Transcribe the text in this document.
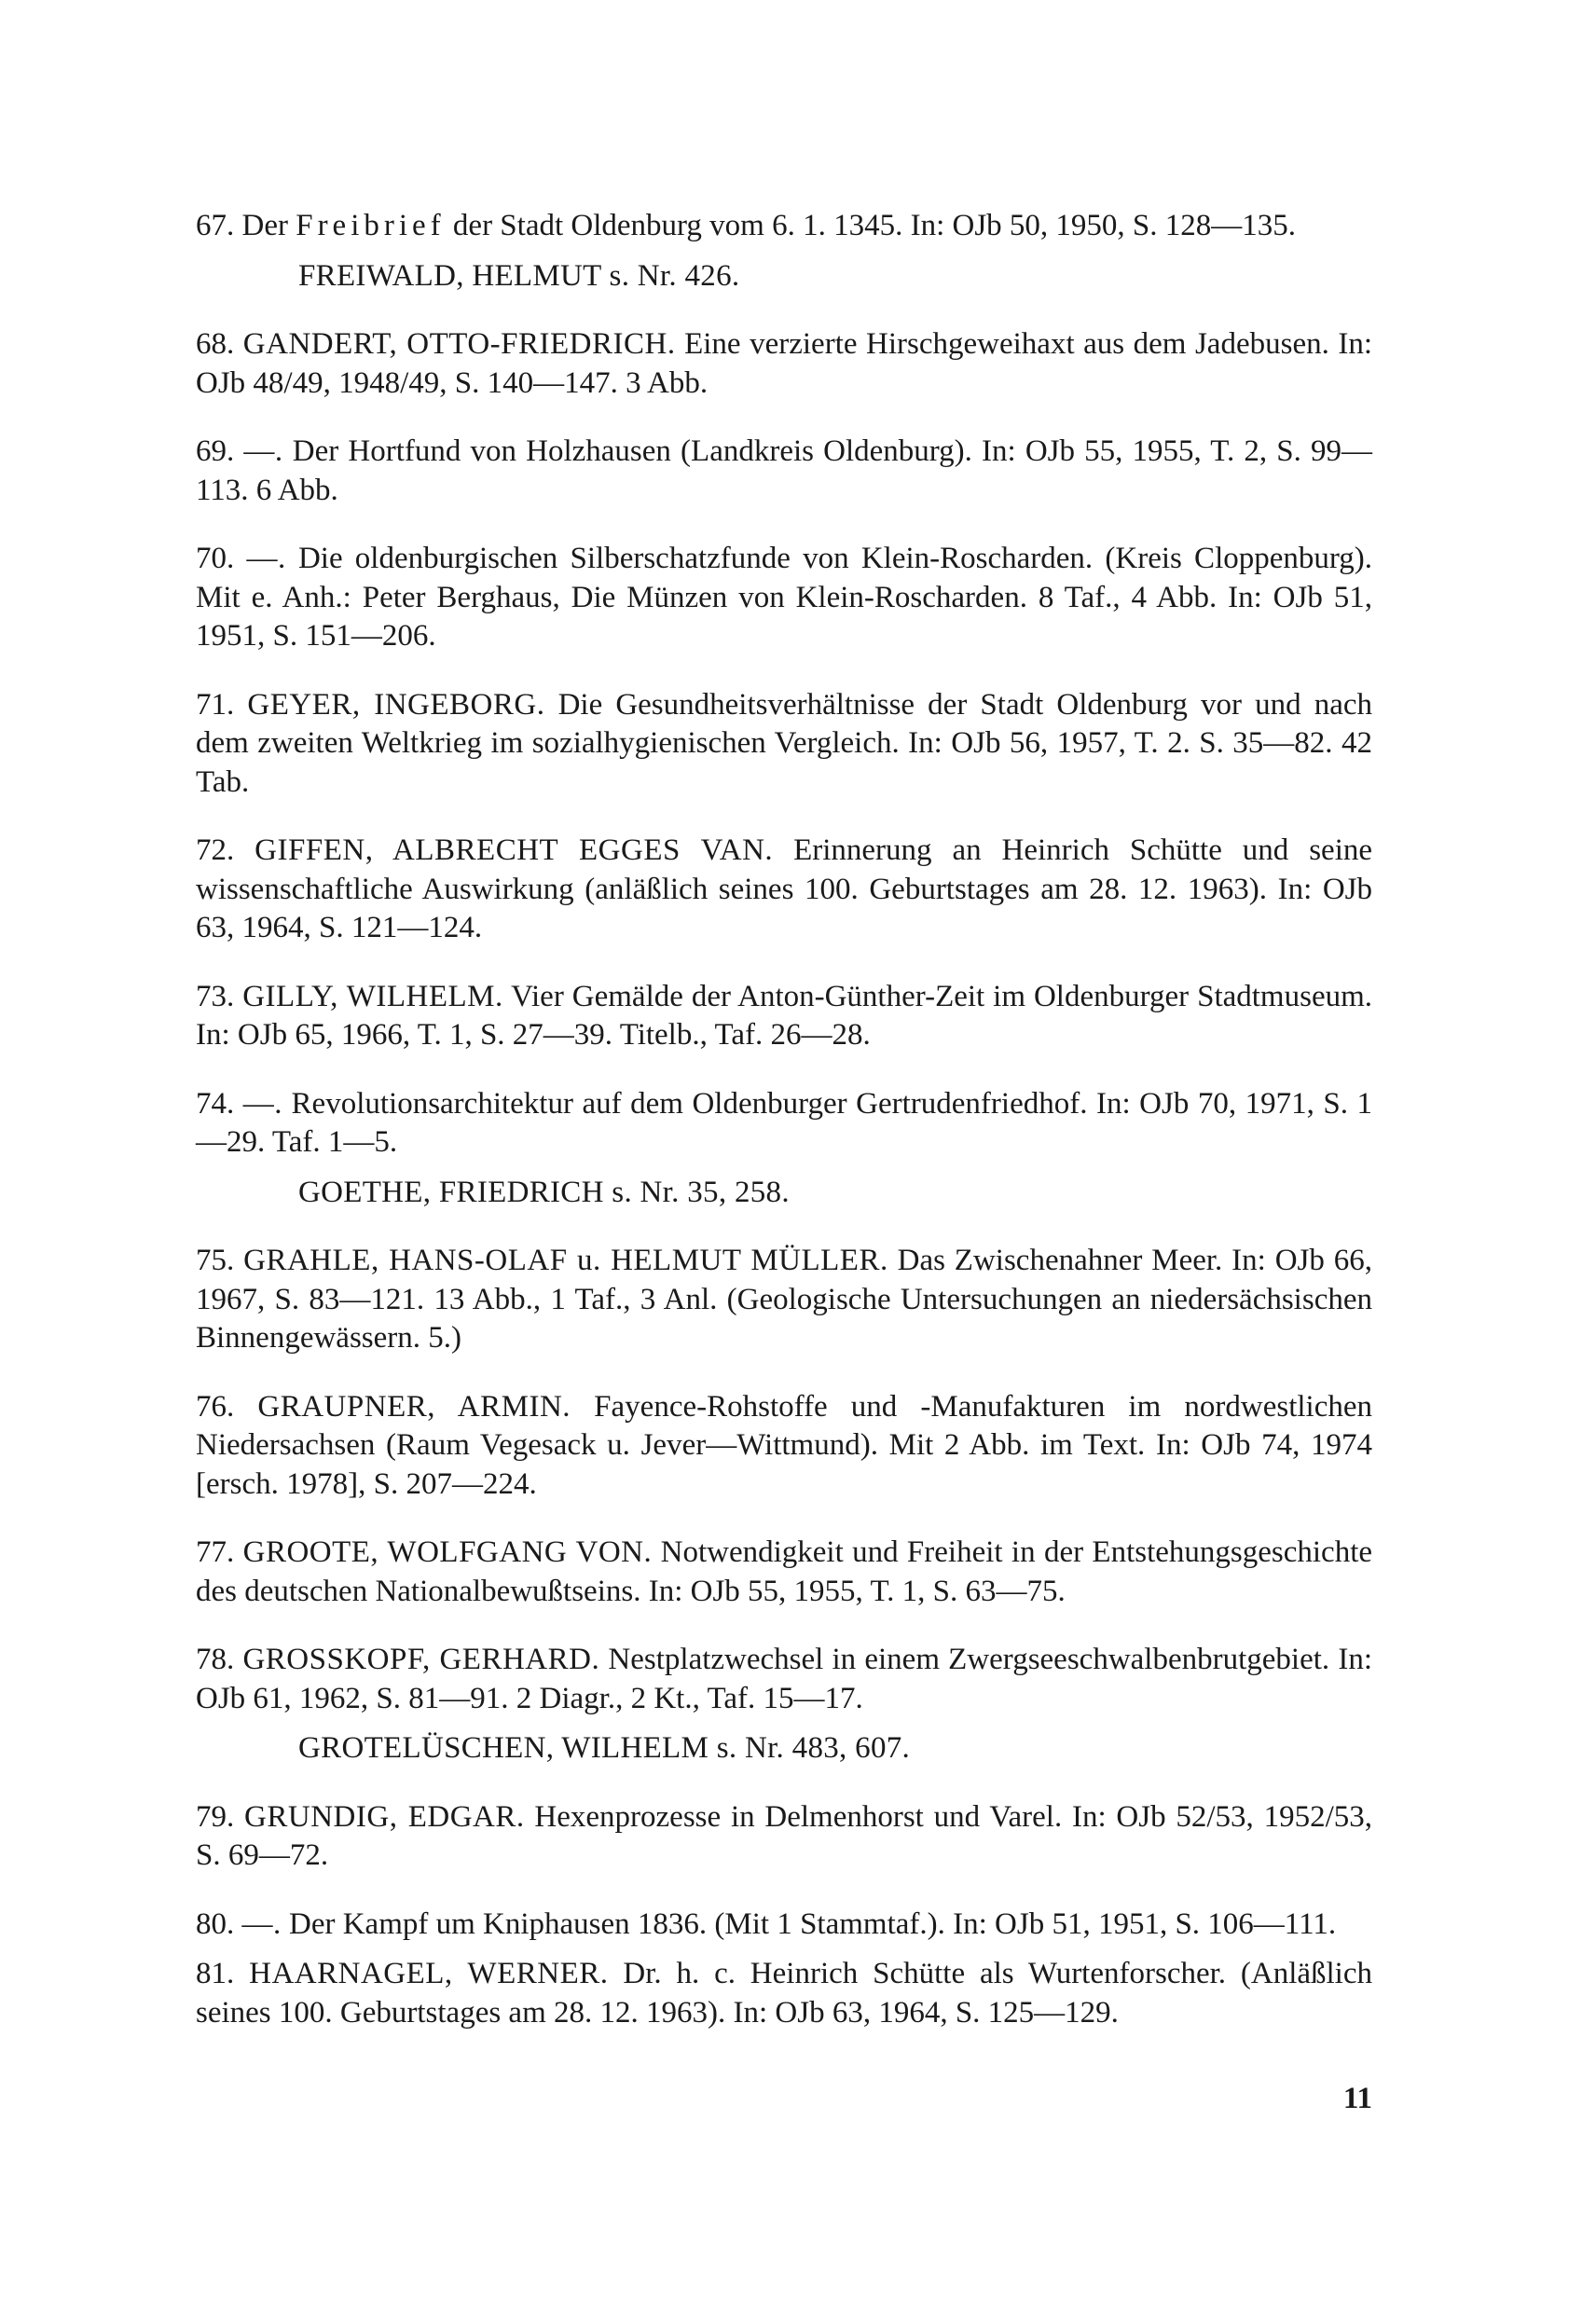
67. Der Freibrief der Stadt Oldenburg vom 6. 1. 1345. In: OJb 50, 1950, S. 128—135.

FREIWALD, HELMUT s. Nr. 426.

68. GANDERT, OTTO-FRIEDRICH. Eine verzierte Hirschgeweihaxt aus dem Jadebusen. In: OJb 48/49, 1948/49, S. 140—147. 3 Abb.

69. —. Der Hortfund von Holzhausen (Landkreis Oldenburg). In: OJb 55, 1955, T. 2, S. 99—113. 6 Abb.

70. —. Die oldenburgischen Silberschatzfunde von Klein-Roscharden. (Kreis Cloppenburg). Mit e. Anh.: Peter Berghaus, Die Münzen von Klein-Roscharden. 8 Taf., 4 Abb. In: OJb 51, 1951, S. 151—206.

71. GEYER, INGEBORG. Die Gesundheitsverhältnisse der Stadt Oldenburg vor und nach dem zweiten Weltkrieg im sozialhygienischen Vergleich. In: OJb 56, 1957, T. 2. S. 35—82. 42 Tab.

72. GIFFEN, ALBRECHT EGGES VAN. Erinnerung an Heinrich Schütte und seine wissenschaftliche Auswirkung (anläßlich seines 100. Geburtstages am 28. 12. 1963). In: OJb 63, 1964, S. 121—124.

73. GILLY, WILHELM. Vier Gemälde der Anton-Günther-Zeit im Oldenburger Stadtmuseum. In: OJb 65, 1966, T. 1, S. 27—39. Titelb., Taf. 26—28.

74. —. Revolutionsarchitektur auf dem Oldenburger Gertrudenfriedhof. In: OJb 70, 1971, S. 1—29. Taf. 1—5.

GOETHE, FRIEDRICH s. Nr. 35, 258.

75. GRAHLE, HANS-OLAF u. HELMUT MÜLLER. Das Zwischenahner Meer. In: OJb 66, 1967, S. 83—121. 13 Abb., 1 Taf., 3 Anl. (Geologische Untersuchungen an niedersächsischen Binnengewässern. 5.)

76. GRAUPNER, ARMIN. Fayence-Rohstoffe und -Manufakturen im nordwestlichen Niedersachsen (Raum Vegesack u. Jever—Wittmund). Mit 2 Abb. im Text. In: OJb 74, 1974 [ersch. 1978], S. 207—224.

77. GROOTE, WOLFGANG VON. Notwendigkeit und Freiheit in der Entstehungsgeschichte des deutschen Nationalbewußtseins. In: OJb 55, 1955, T. 1, S. 63—75.

78. GROSSKOPF, GERHARD. Nestplatzwechsel in einem Zwergseeschwalbenbrutgebiet. In: OJb 61, 1962, S. 81—91. 2 Diagr., 2 Kt., Taf. 15—17.

GROTELÜSCHEN, WILHELM s. Nr. 483, 607.

79. GRUNDIG, EDGAR. Hexenprozesse in Delmenhorst und Varel. In: OJb 52/53, 1952/53, S. 69—72.

80. —. Der Kampf um Kniphausen 1836. (Mit 1 Stammtaf.). In: OJb 51, 1951, S. 106—111.

81. HAARNAGEL, WERNER. Dr. h. c. Heinrich Schütte als Wurtenforscher. (Anläßlich seines 100. Geburtstages am 28. 12. 1963). In: OJb 63, 1964, S. 125—129.

11
